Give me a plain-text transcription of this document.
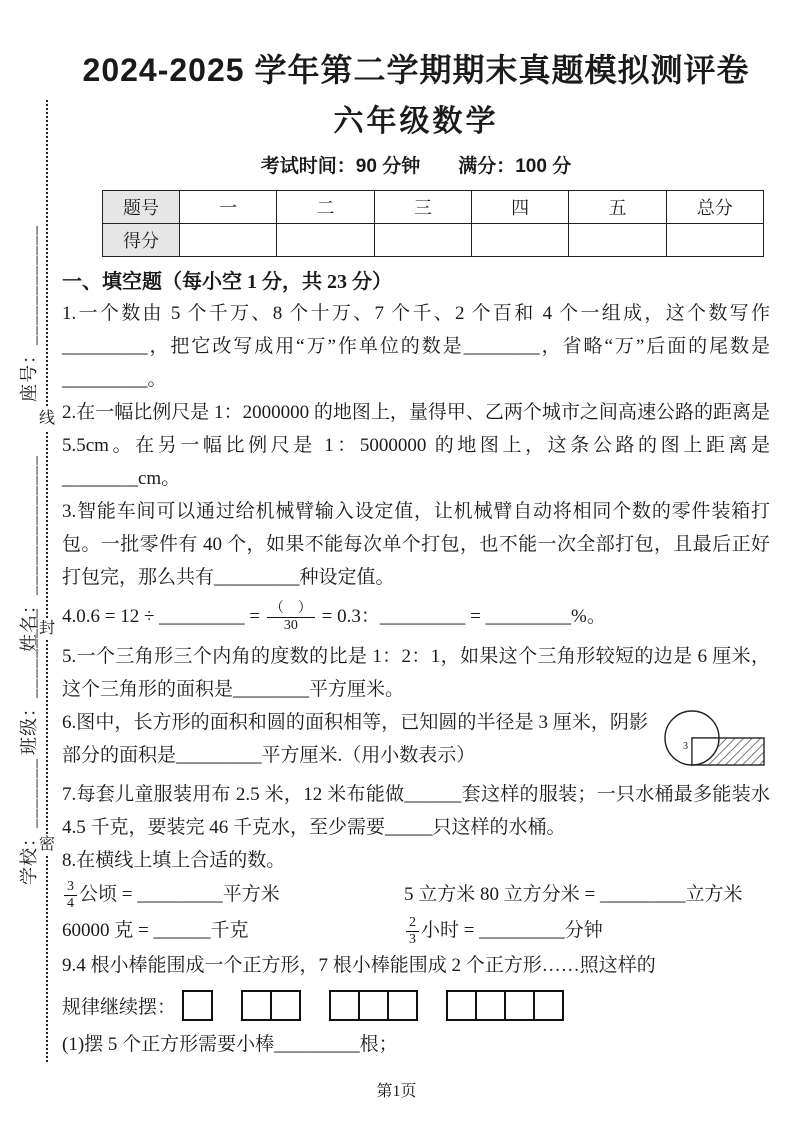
线
封
密
座号：____________
姓名：______________
班级：_________
学校：_______
2024-2025 学年第二学期期末真题模拟测评卷
六年级数学
考试时间：90 分钟　　满分：100 分
题号	一	二	三	四	五	总分
得分						
一、填空题（每小空 1 分，共 23 分）

1.一个数由 5 个千万、8 个十万、7 个千、2 个百和 4 个一组成，这个数写作_________，把它改写成用“万”作单位的数是________，省略“万”后面的尾数是_________。

2.在一幅比例尺是 1：2000000 的地图上，量得甲、乙两个城市之间高速公路的距离是 5.5cm。在另一幅比例尺是 1：5000000 的地图上，这条公路的图上距离是________cm。

3.智能车间可以通过给机械臂输入设定值，让机械臂自动将相同个数的零件装箱打包。一批零件有 40 个，如果不能每次单个打包，也不能一次全部打包，且最后正好打包完，那么共有_________种设定值。

4.0.6 = 12 ÷ _________ = $\frac{( )}{30} = 0.3$：_________ = _________%。

5.一个三角形三个内角的度数的比是 1：2：1，如果这个三角形较短的边是 6 厘米，这个三角形的面积是________平方厘米。

6.图中，长方形的面积和圆的面积相等，已知圆的半径是 3 厘米，阴影部分的面积是_________平方厘米.（用小数表示）	3

7.每套儿童服装用布 2.5 米，12 米布能做______套这样的服装；一只水桶最多能装水 4.5 千克，要装完 46 千克水，至少需要_____只这样的水桶。

8.在横线上填上合适的数。

$\frac{3}{4}$ 公顷 = _________平方米	5 立方米 80 立方分米 = _________立方米
60000 克 = ______千克	$\frac{2}{3}$ 小时 = _________分钟

9.4 根小棒能围成一个正方形，7 根小棒能围成 2 个正方形……照这样的

规律继续摆：

(1)摆 5 个正方形需要小棒_________根；

第1页
